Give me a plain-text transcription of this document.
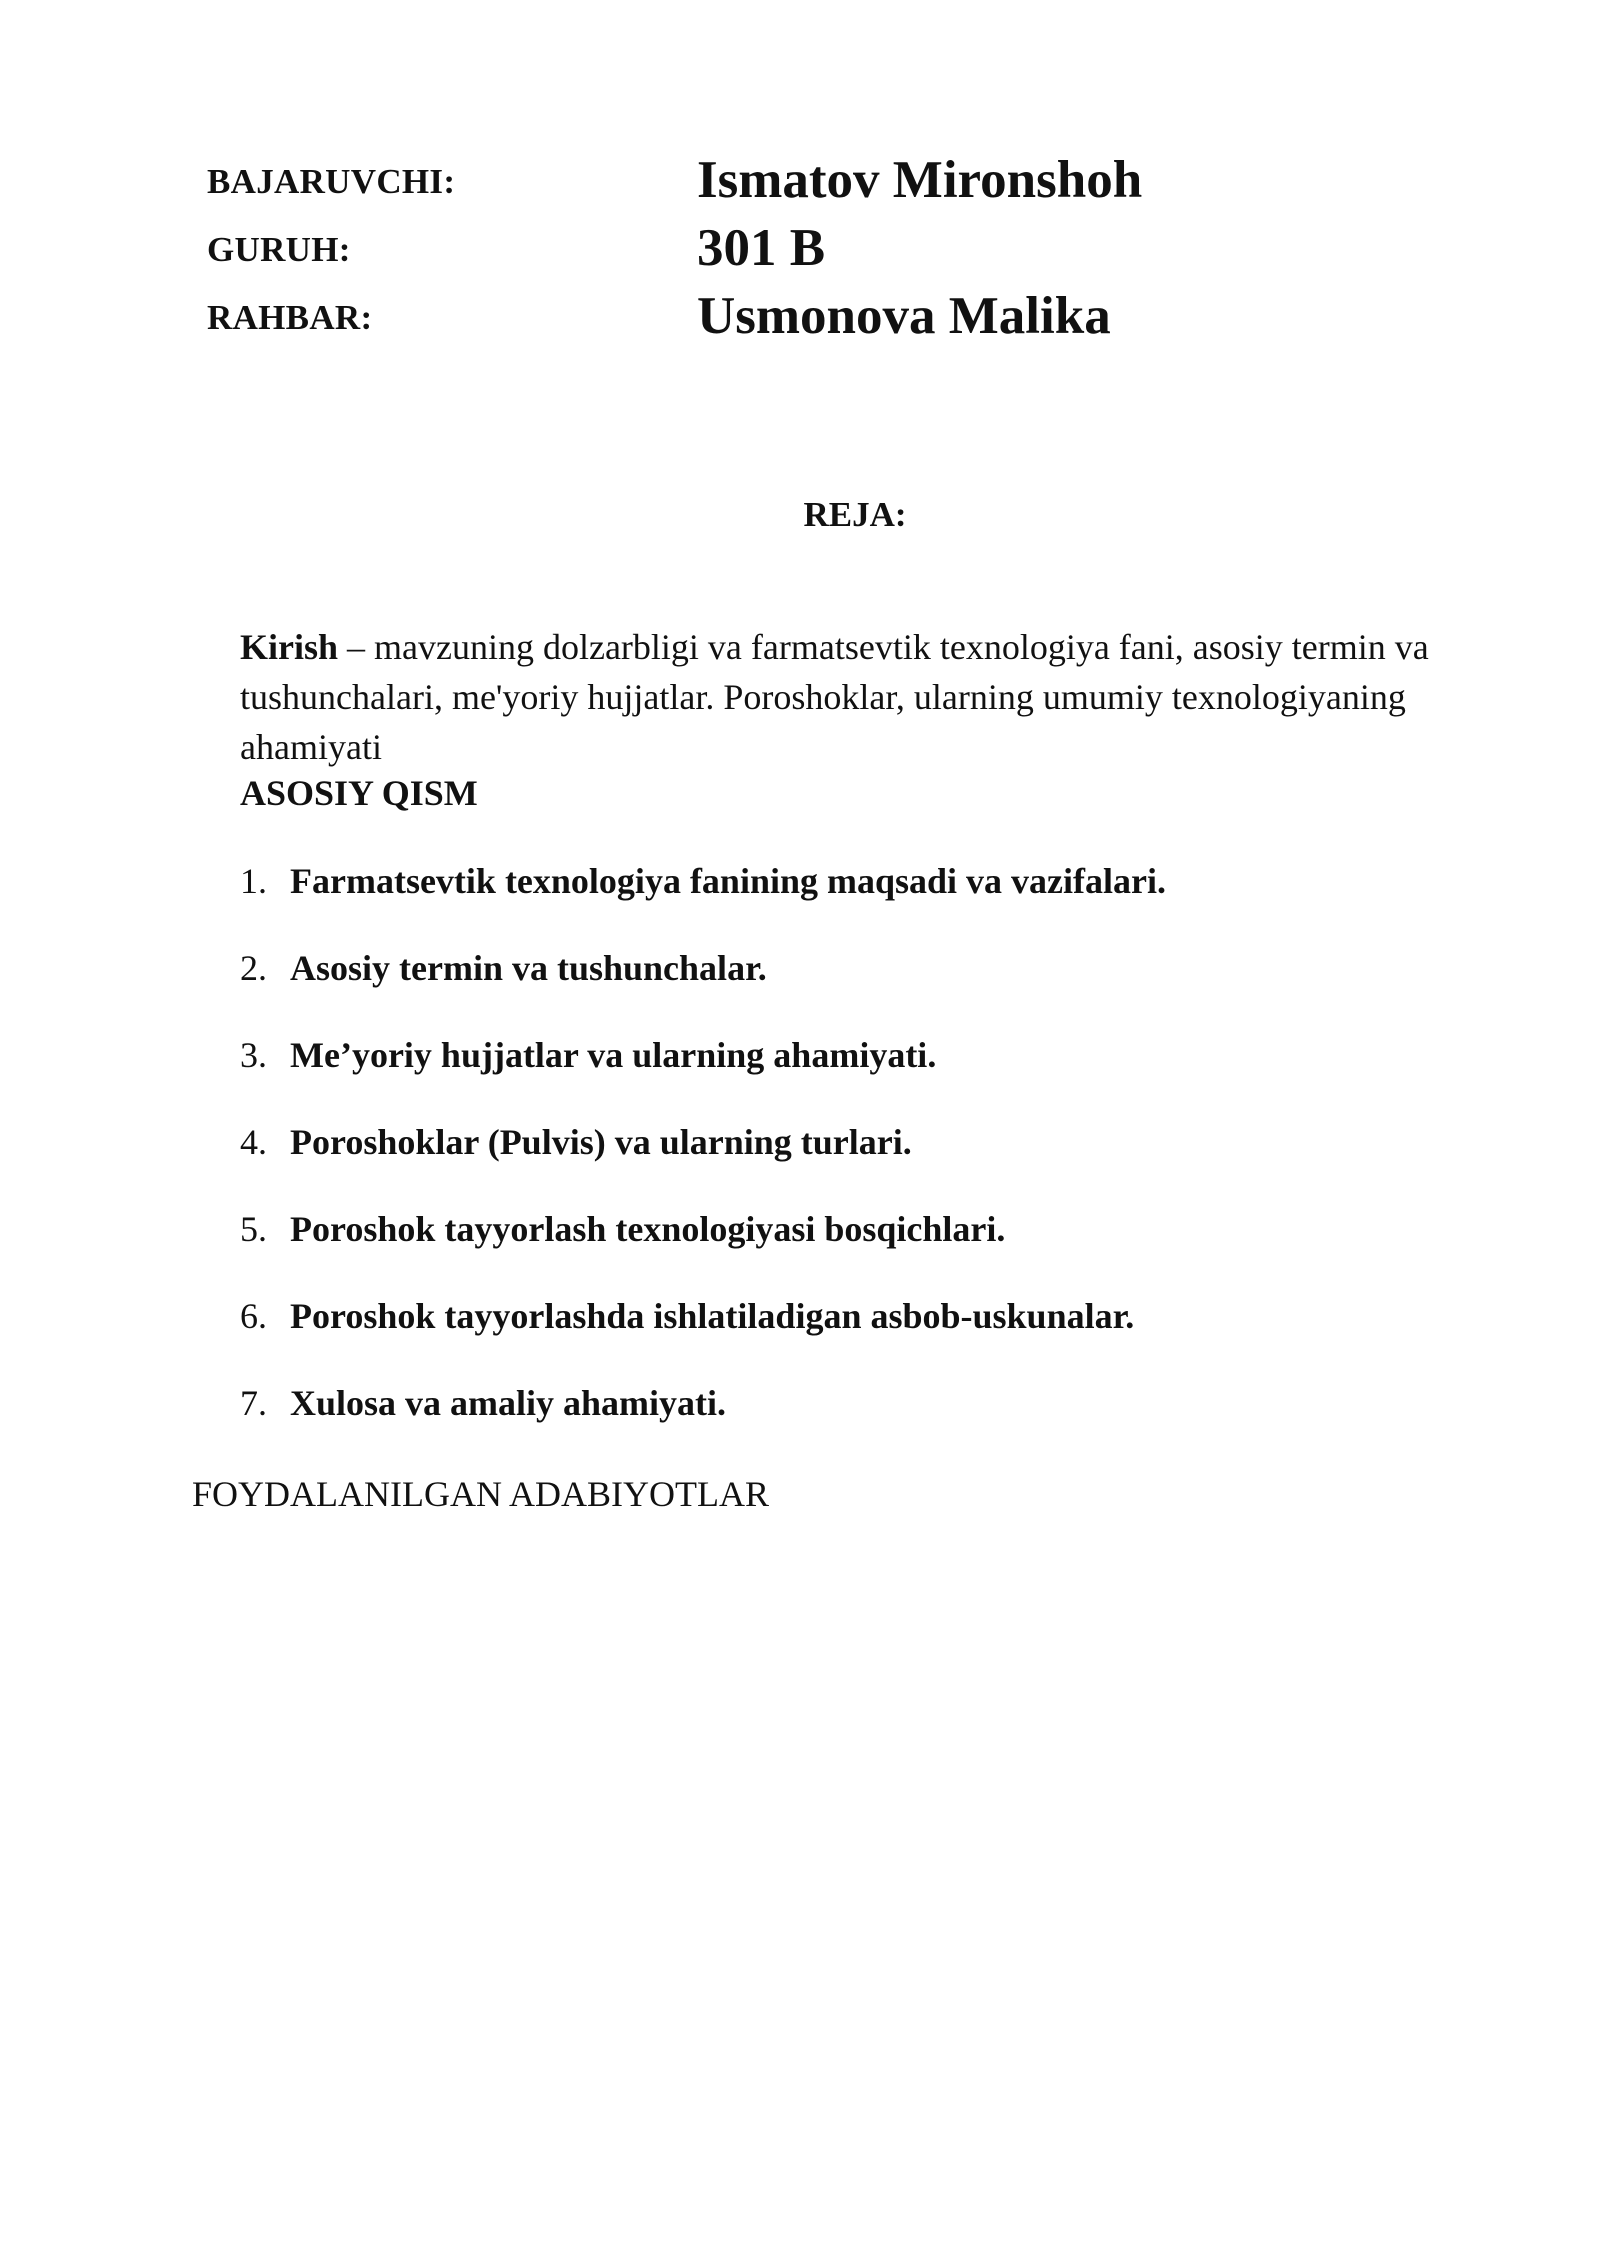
BAJARUVCHI:	Ismatov Mironshoh
GURUH:	301 B
RAHBAR:	Usmonova Malika
REJA:

Kirish – mavzuning dolzarbligi va farmatsevtik texnologiya fani, asosiy termin va tushunchalari, me'yoriy hujjatlar. Poroshoklar, ularning umumiy texnologiyaning ahamiyati

ASOSIY QISM
1. Farmatsevtik texnologiya fanining maqsadi va vazifalari.
2. Asosiy termin va tushunchalar.
3. Me’yoriy hujjatlar va ularning ahamiyati.
4. Poroshoklar (Pulvis) va ularning turlari.
5. Poroshok tayyorlash texnologiyasi bosqichlari.
6. Poroshok tayyorlashda ishlatiladigan asbob-uskunalar.
7. Xulosa va amaliy ahamiyati.
FOYDALANILGAN ADABIYOTLAR
